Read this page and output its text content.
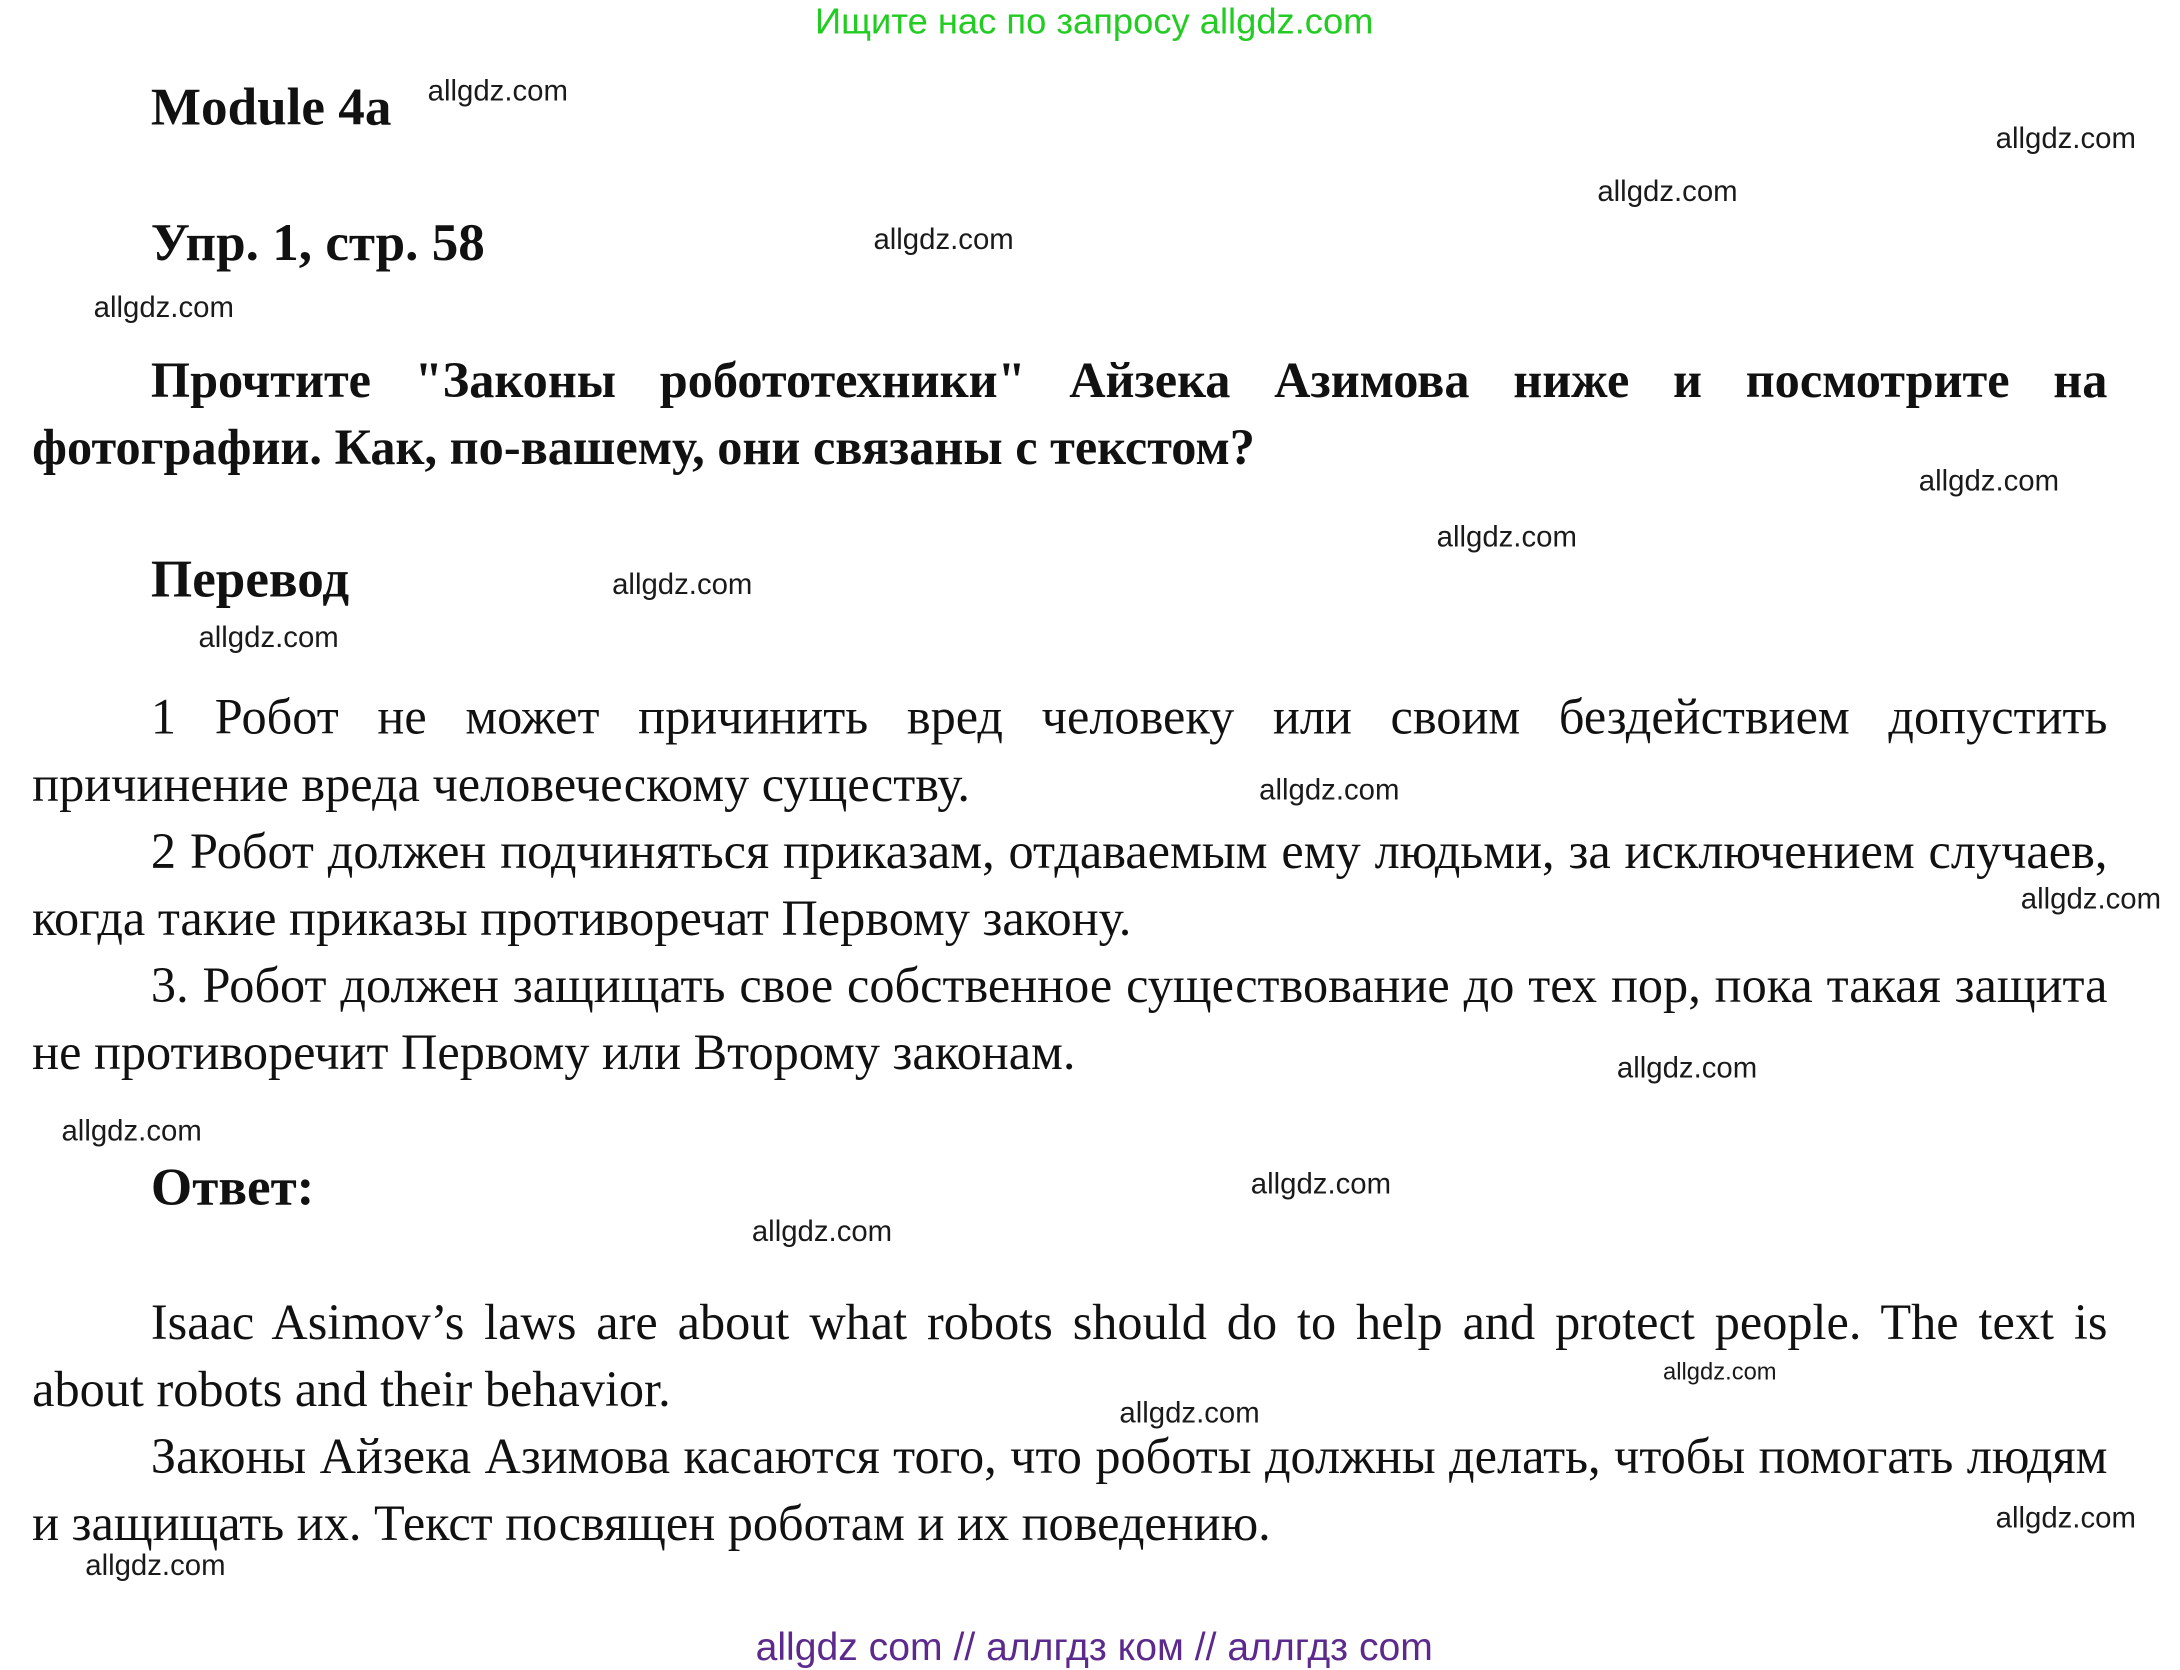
Ищите нас по запросу allgdz.com
Module 4a
Упр. 1, стр. 58

Прочтите "Законы робототехники" Айзека Азимова ниже и посмотрите на фотографии. Как, по-вашему, они связаны с текстом?

Перевод

1 Робот не может причинить вред человеку или своим бездействием допустить причинение вреда человеческому существу.

2 Робот должен подчиняться приказам, отдаваемым ему людьми, за исключением случаев, когда такие приказы противоречат Первому закону.

3. Робот должен защищать свое собственное существование до тех пор, пока такая защита не противоречит Первому или Второму законам.

Ответ:

Isaac Asimov’s laws are about what robots should do to help and protect people. The text is about robots and their behavior.

Законы Айзека Азимова касаются того, что роботы должны делать, чтобы помогать людям и защищать их. Текст посвящен роботам и их поведению.

allgdz.com
allgdz.com
allgdz.com
allgdz.com
allgdz.com
allgdz.com
allgdz.com
allgdz.com
allgdz.com
allgdz.com
allgdz.com
allgdz.com
allgdz.com
allgdz.com
allgdz.com
allgdz.com
allgdz.com
allgdz.com
allgdz.com
allgdz com // аллгдз ком // аллгдз com
